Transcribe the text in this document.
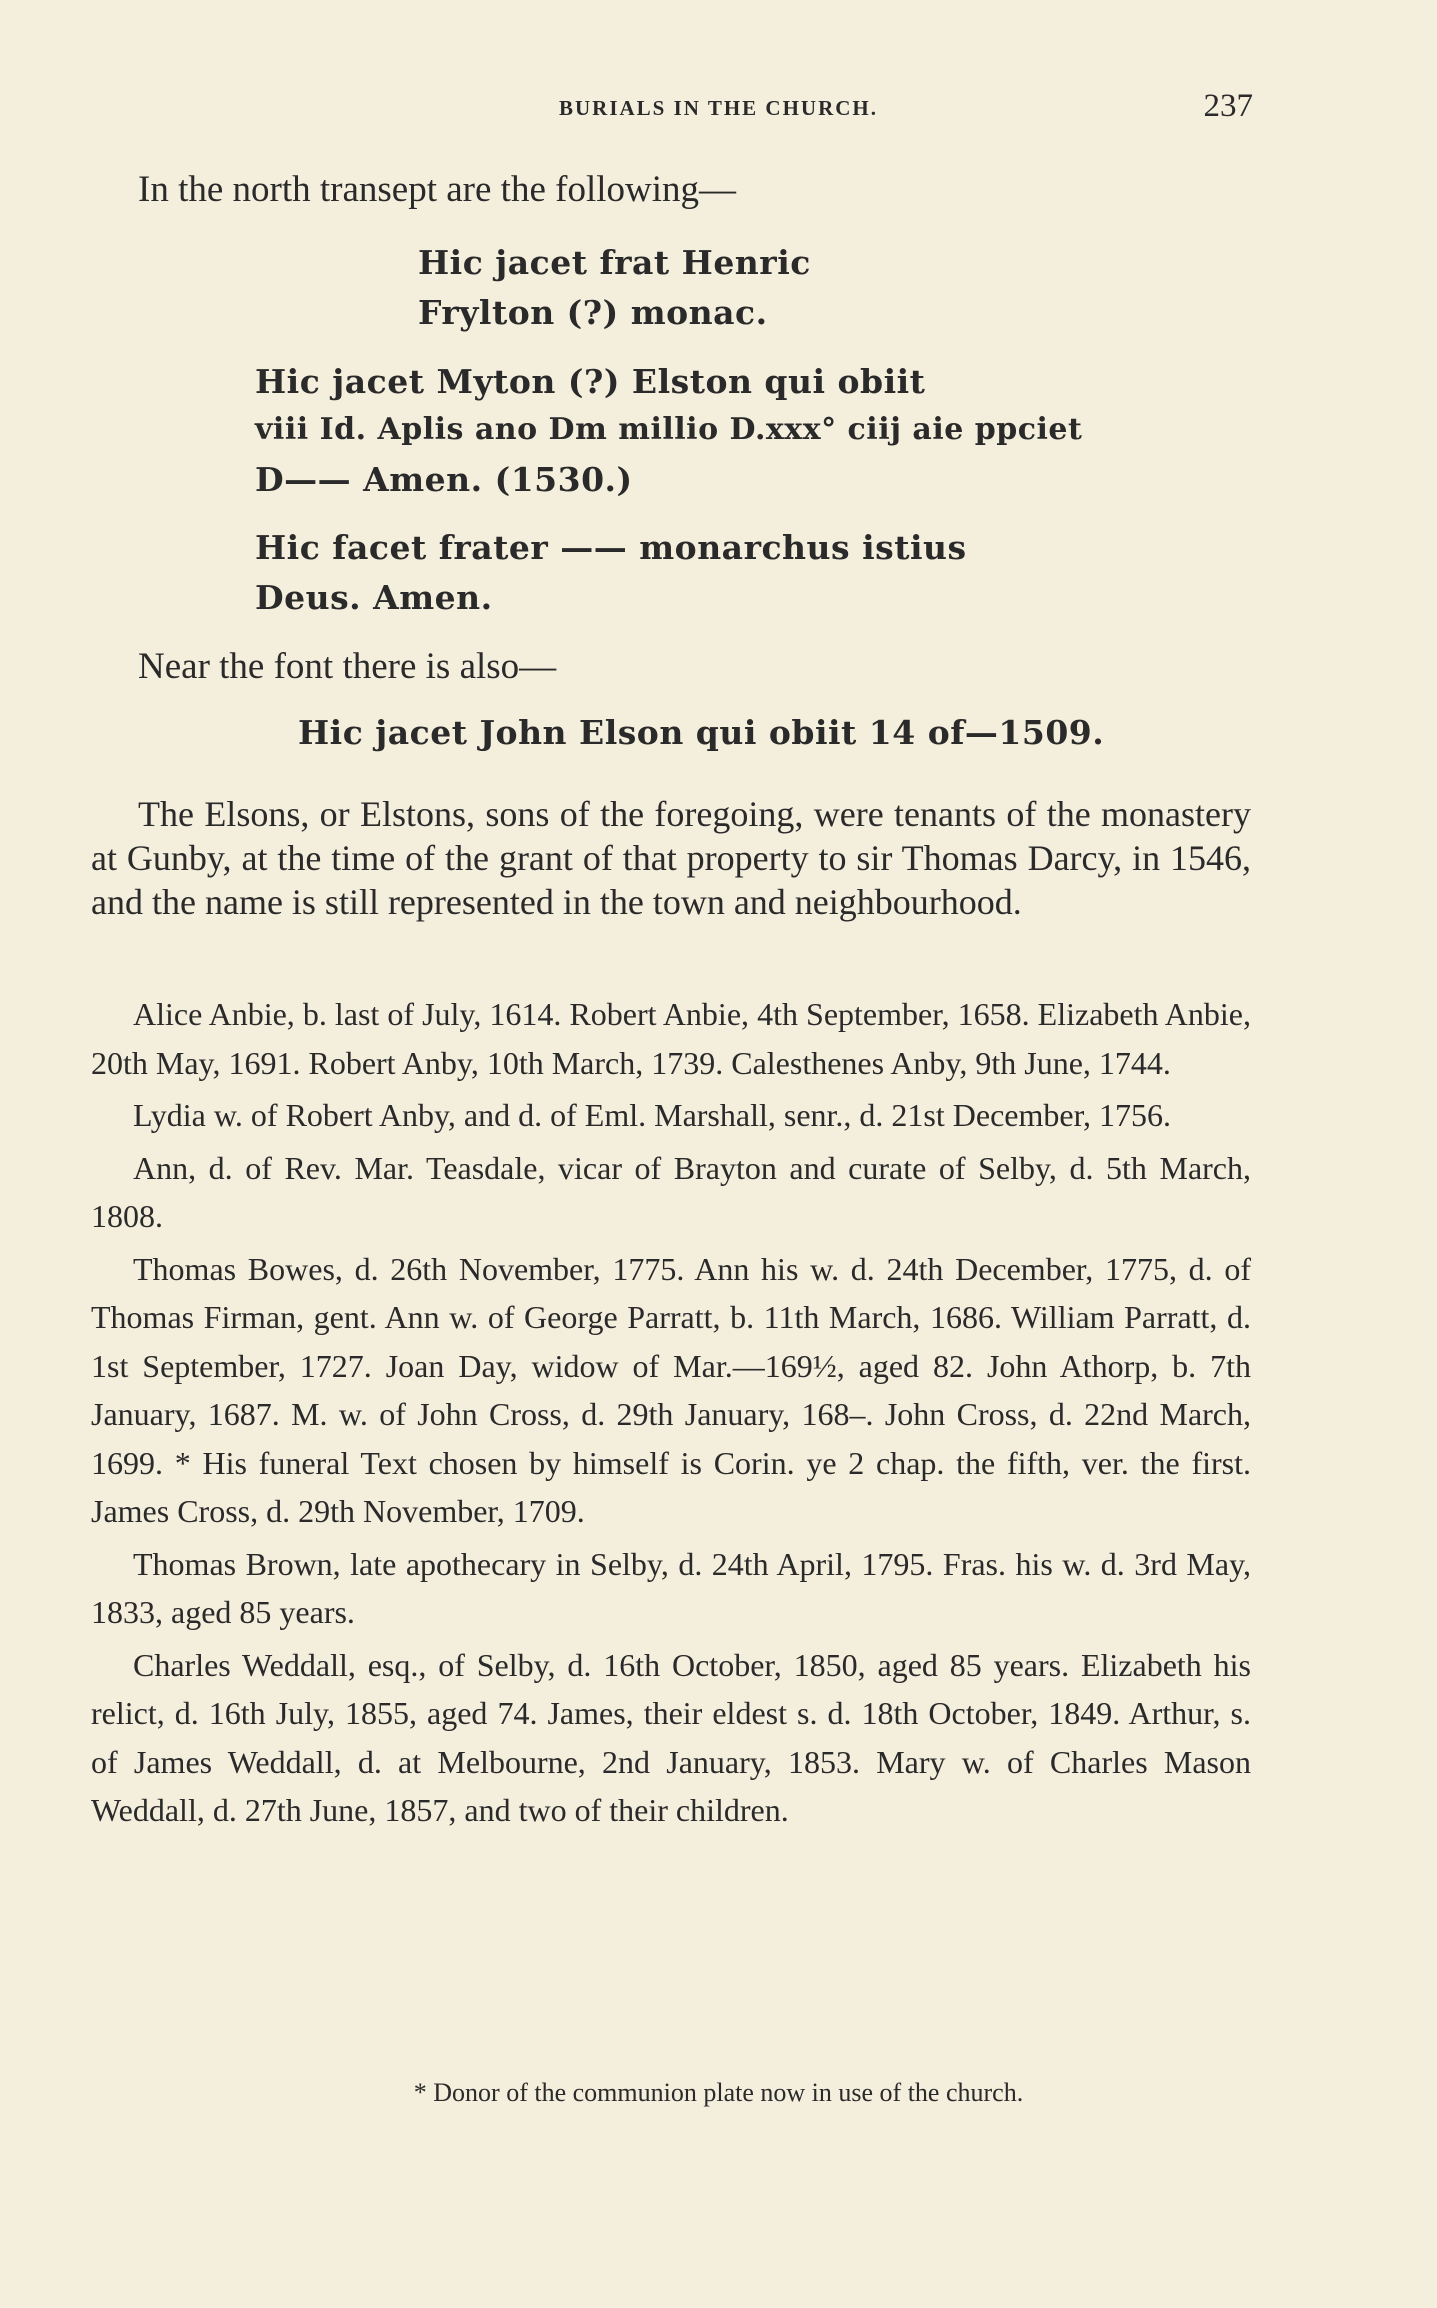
BURIALS IN THE CHURCH.	237
In the north transept are the following—
Hic jacet frat Henric
Frylton (?) monac.
Hic jacet Myton (?) Elston qui obiit
viii Id. Aplis ano Dm millio D.xxx° ciij aie ppciet
D—— Amen. (1530.)
Hic facet frater —— monarchus istius
Deus. Amen.
Near the font there is also—
Hic jacet John Elson qui obiit 14 of—1509.
The Elsons, or Elstons, sons of the foregoing, were tenants of the monastery at Gunby, at the time of the grant of that property to sir Thomas Darcy, in 1546, and the name is still represented in the town and neighbourhood.

Alice Anbie, b. last of July, 1614. Robert Anbie, 4th September, 1658. Elizabeth Anbie, 20th May, 1691. Robert Anby, 10th March, 1739. Calesthenes Anby, 9th June, 1744.

Lydia w. of Robert Anby, and d. of Eml. Marshall, senr., d. 21st December, 1756.

Ann, d. of Rev. Mar. Teasdale, vicar of Brayton and curate of Selby, d. 5th March, 1808.

Thomas Bowes, d. 26th November, 1775. Ann his w. d. 24th December, 1775, d. of Thomas Firman, gent. Ann w. of George Parratt, b. 11th March, 1686. William Parratt, d. 1st September, 1727. Joan Day, widow of Mar.—169½, aged 82. John Athorp, b. 7th January, 1687. M. w. of John Cross, d. 29th January, 168–. John Cross, d. 22nd March, 1699. * His funeral Text chosen by himself is Corin. ye 2 chap. the fifth, ver. the first. James Cross, d. 29th November, 1709.

Thomas Brown, late apothecary in Selby, d. 24th April, 1795. Fras. his w. d. 3rd May, 1833, aged 85 years.

Charles Weddall, esq., of Selby, d. 16th October, 1850, aged 85 years. Elizabeth his relict, d. 16th July, 1855, aged 74. James, their eldest s. d. 18th October, 1849. Arthur, s. of James Weddall, d. at Melbourne, 2nd January, 1853. Mary w. of Charles Mason Weddall, d. 27th June, 1857, and two of their children.

* Donor of the communion plate now in use of the church.
